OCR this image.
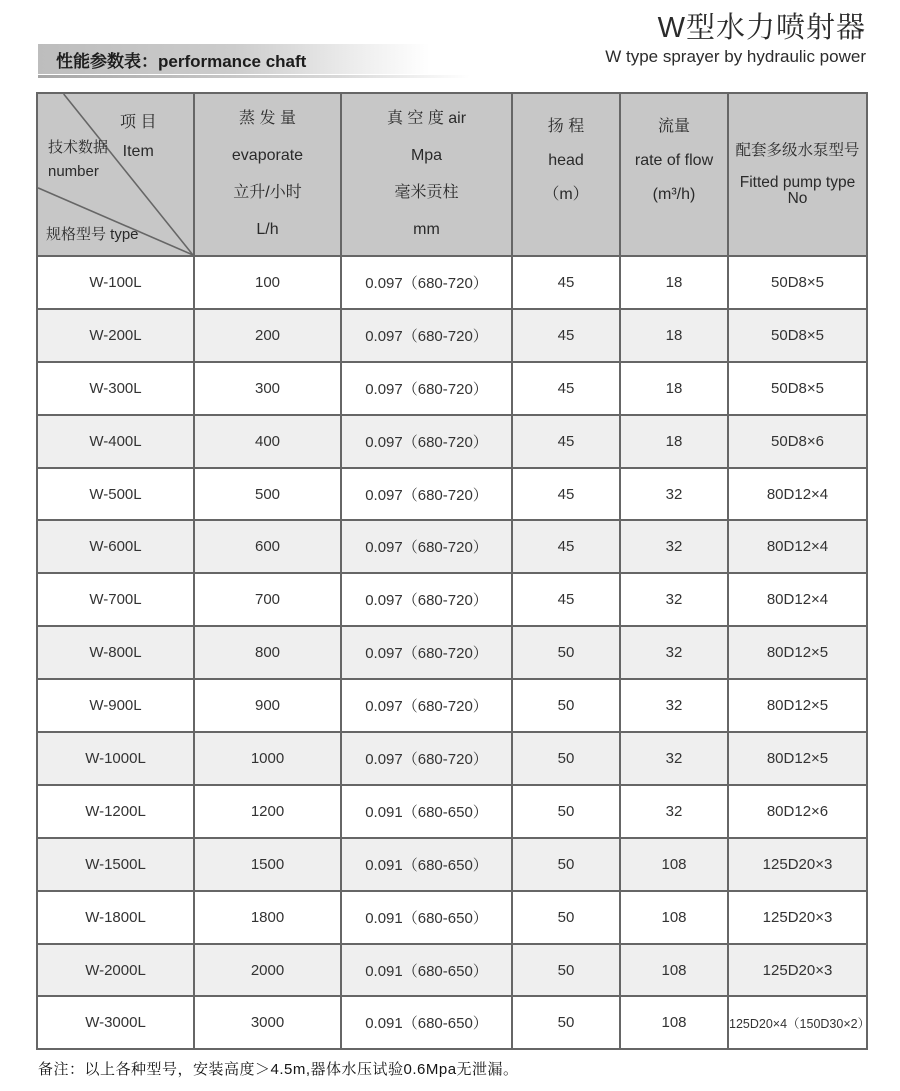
W型水力喷射器
W type sprayer by hydraulic power
性能参数表：performance chaft
项 目
Item
技术数据
number
规格型号 type

蒸 发 量
evaporate
立升/小时
L/h

真 空 度 air
Mpa
毫米贡柱
mm

扬 程
head
（m）

流量
rate of flow
(m³/h)

配套多级水泵型号
Fitted pump type No

W-100L	100	0.097（680-720）	45	18	50D8×5
W-200L	200	0.097（680-720）	45	18	50D8×5
W-300L	300	0.097（680-720）	45	18	50D8×5
W-400L	400	0.097（680-720）	45	18	50D8×6
W-500L	500	0.097（680-720）	45	32	80D12×4
W-600L	600	0.097（680-720）	45	32	80D12×4
W-700L	700	0.097（680-720）	45	32	80D12×4
W-800L	800	0.097（680-720）	50	32	80D12×5
W-900L	900	0.097（680-720）	50	32	80D12×5
W-1000L	1000	0.097（680-720）	50	32	80D12×5
W-1200L	1200	0.091（680-650）	50	32	80D12×6
W-1500L	1500	0.091（680-650）	50	108	125D20×3
W-1800L	1800	0.091（680-650）	50	108	125D20×3
W-2000L	2000	0.091（680-650）	50	108	125D20×3
W-3000L	3000	0.091（680-650）	50	108	125D20×4（150D30×2）
备注：以上各种型号，安装高度＞4.5m,器体水压试验0.6Mpa无泄漏。
